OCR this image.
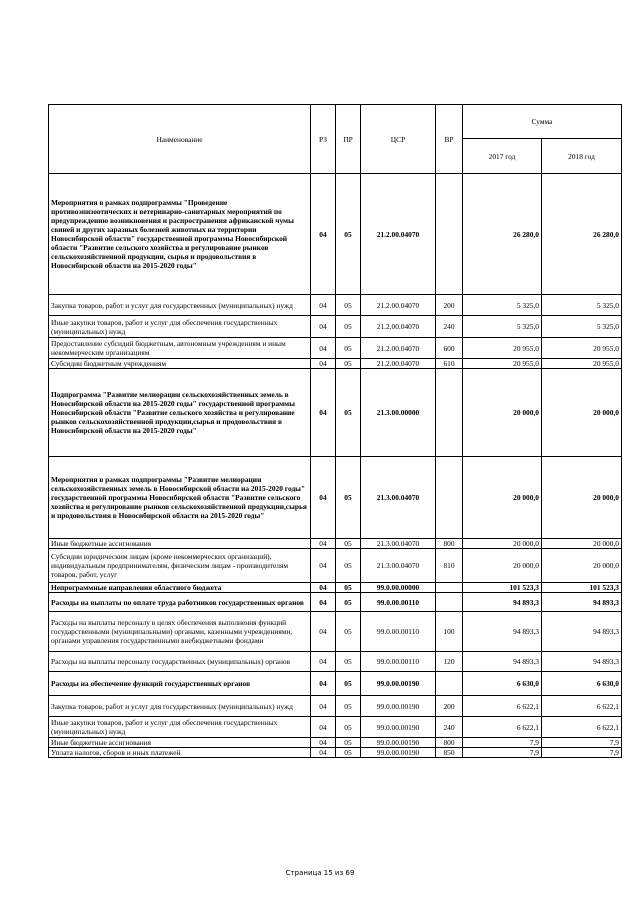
Наименование	РЗ	ПР	ЦСР	ВР	Сумма	
					2017 год	2018 год
Мероприятия в рамках подпрограммы "Проведение противоэпизоотических и ветеринарно-санитарных мероприятий по предупреждению возникновения и распространения африканской чумы свиней и других заразных болезней животных на территории Новосибирской области" государственной программы Новосибирской области "Развитие сельского хозяйства и регулирование рынков сельскохозяйственной продукции, сырья и продовольствия в Новосибирской области на 2015-2020 годы"	04	05	21.2.00.04070		26 280,0	26 280,0
Закупка товаров, работ и услуг для государственных (муниципальных) нужд	04	05	21.2.00.04070	200	5 325,0	5 325,0
Иные закупки товаров, работ и услуг для обеспечения государственных (муниципальных) нужд	04	05	21.2.00.04070	240	5 325,0	5 325,0
Предоставление субсидий бюджетным, автономным учреждениям и иным некоммерческим организациям	04	05	21.2.00.04070	600	20 955,0	20 955,0
Субсидии бюджетным учреждениям	04	05	21.2.00.04070	610	20 955,0	20 955,0
Подпрограмма "Развитие мелиорации сельскохозяйственных земель в Новосибирской области на 2015-2020 годы" государственной программы Новосибирской области "Развитие сельского хозяйства и регулирование рынков сельскохозяйственной продукции,сырья и продовольствия в Новосибирской области на 2015-2020 годы"	04	05	21.3.00.00000		20 000,0	20 000,0
Мероприятия в рамках подпрограммы "Развитие мелиорации сельскохозяйственных земель в Новосибирской области на 2015-2020 годы" государственной программы Новосибирской области "Развитие сельского хозяйства и регулирование рынков сельскохозяйственной продукции,сырья и продовольствия в Новосибирской области на 2015-2020 годы"	04	05	21.3.00.04070		20 000,0	20 000,0
Иные бюджетные ассигнования	04	05	21.3.00.04070	800	20 000,0	20 000,0
Субсидии юридическим лицам (кроме некоммерческих организаций), индивидуальным предпринимателям, физическим лицам - производителям товаров, работ, услуг	04	05	21.3.00.04070	810	20 000,0	20 000,0
Непрограммные направления областного бюджета	04	05	99.0.00.00000		101 523,3	101 523,3
Расходы на выплаты по оплате труда работников государственных органов	04	05	99.0.00.00110		94 893,3	94 893,3
Расходы на выплаты персоналу в целях обеспечения выполнения функций государственными (муниципальными) органами, казенными учреждениями, органами управления государственными внебюджетными фондами	04	05	99.0.00.00110	100	94 893,3	94 893,3
Расходы на выплаты персоналу государственных (муниципальных) органов	04	05	99.0.00.00110	120	94 893,3	94 893,3
Расходы на обеспечение функций государственных органов	04	05	99.0.00.00190		6 630,0	6 630,0
Закупка товаров, работ и услуг для государственных (муниципальных) нужд	04	05	99.0.00.00190	200	6 622,1	6 622,1
Иные закупки товаров, работ и услуг для обеспечения государственных (муниципальных) нужд	04	05	99.0.00.00190	240	6 622,1	6 622,1
Иные бюджетные ассигнования	04	05	99.0.00.00190	800	7,9	7,9
Уплата налогов, сборов и иных платежей	04	05	99.0.00.00190	850	7,9	7,9
Страница 15 из 69
